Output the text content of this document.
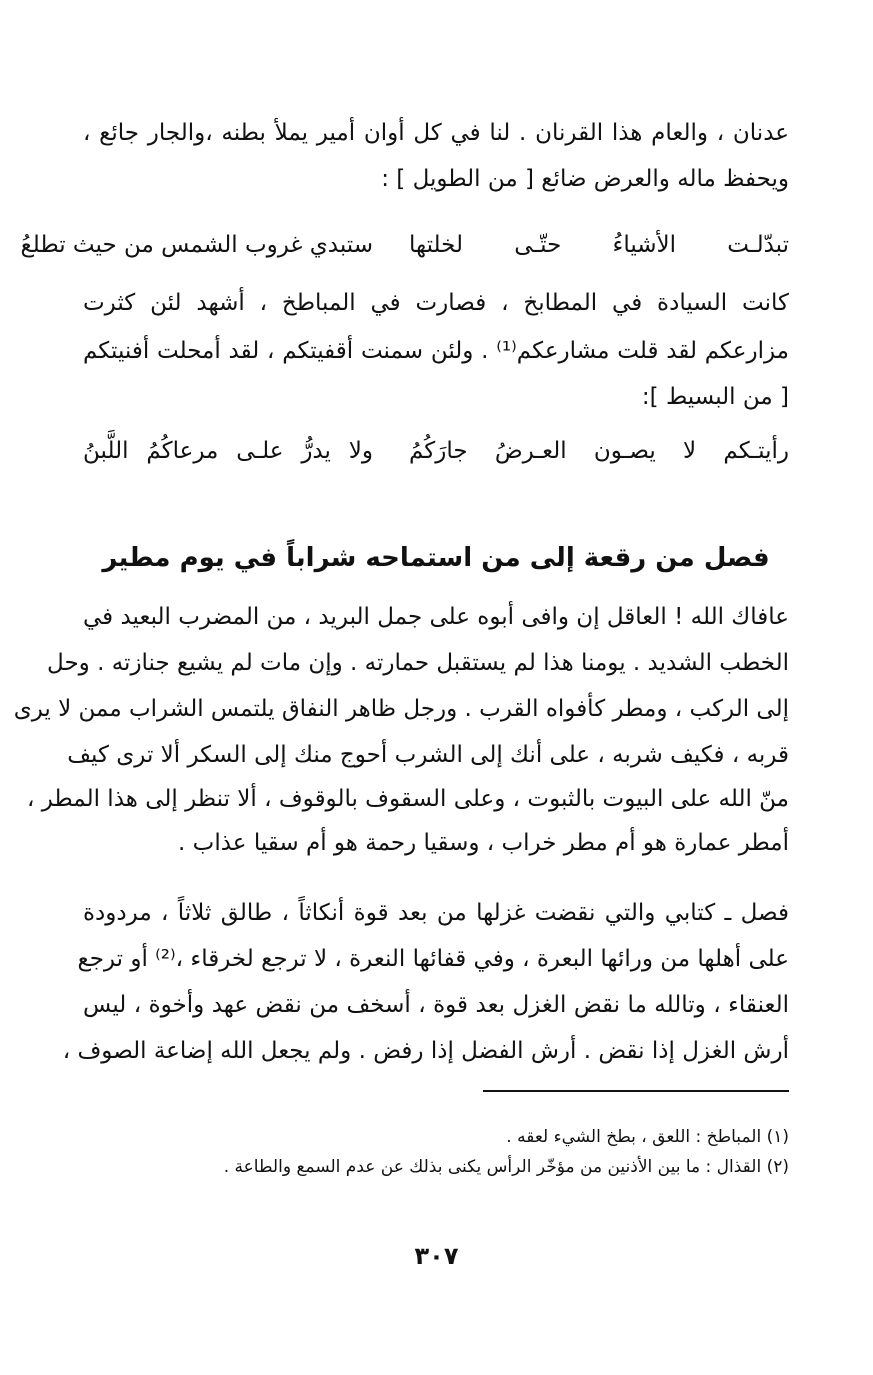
عدنان ، والعام هذا القرنان . لنا في كل أوان أمير يملأ بطنه ،والجار جائع ،
ويحفظ ماله والعرض ضائع [ من الطويل ] :
تبدّلـت الأشياءُ حتّـى لخلتها
ستبدي غروب الشمس من حيث تطلعُ
كانت السيادة في المطابخ ، فصارت في المباطخ ، أشهد لئن كثرت
مزارعكم لقد قلت مشارعكم⁽¹⁾ . ولئن سمنت أقفيتكم ، لقد أمحلت أفنيتكم
[ من البسيط ]:
رأيتـكم لا يصـون العـرضُ جارَكُمُ
ولا يدرُّ علـى مرعاكُمُ اللَّبنُ
فصل من رقعة إلى من استماحه شراباً في يوم مطير
عافاك الله ! العاقل إن وافى أبوه على جمل البريد ، من المضرب البعيد في
الخطب الشديد . يومنا هذا لم يستقبل حمارته . وإن مات لم يشيع جنازته . وحل
إلى الركب ، ومطر كأفواه القرب . ورجل ظاهر النفاق يلتمس الشراب ممن لا يرى
قربه ، فكيف شربه ، على أنك إلى الشرب أحوج منك إلى السكر ألا ترى كيف
منّ الله على البيوت بالثبوت ، وعلى السقوف بالوقوف ، ألا تنظر إلى هذا المطر ،
أمطر عمارة هو أم مطر خراب ، وسقيا رحمة هو أم سقيا عذاب .
فصل ـ كتابي والتي نقضت غزلها من بعد قوة أنكاثاً ، طالق ثلاثاً ، مردودة
على أهلها من ورائها البعرة ، وفي قفائها النعرة ، لا ترجع لخرقاء ،⁽²⁾ أو ترجع
العنقاء ، وتالله ما نقض الغزل بعد قوة ، أسخف من نقض عهد وأخوة ، ليس
أرش الغزل إذا نقض . أرش الفضل إذا رفض . ولم يجعل الله إضاعة الصوف ،
(١) المباطخ : اللعق ، بطخ الشيء لعقه .
(٢) القذال : ما بين الأذنين من مؤخّر الرأس يكنى بذلك عن عدم السمع والطاعة .
٣٠٧
